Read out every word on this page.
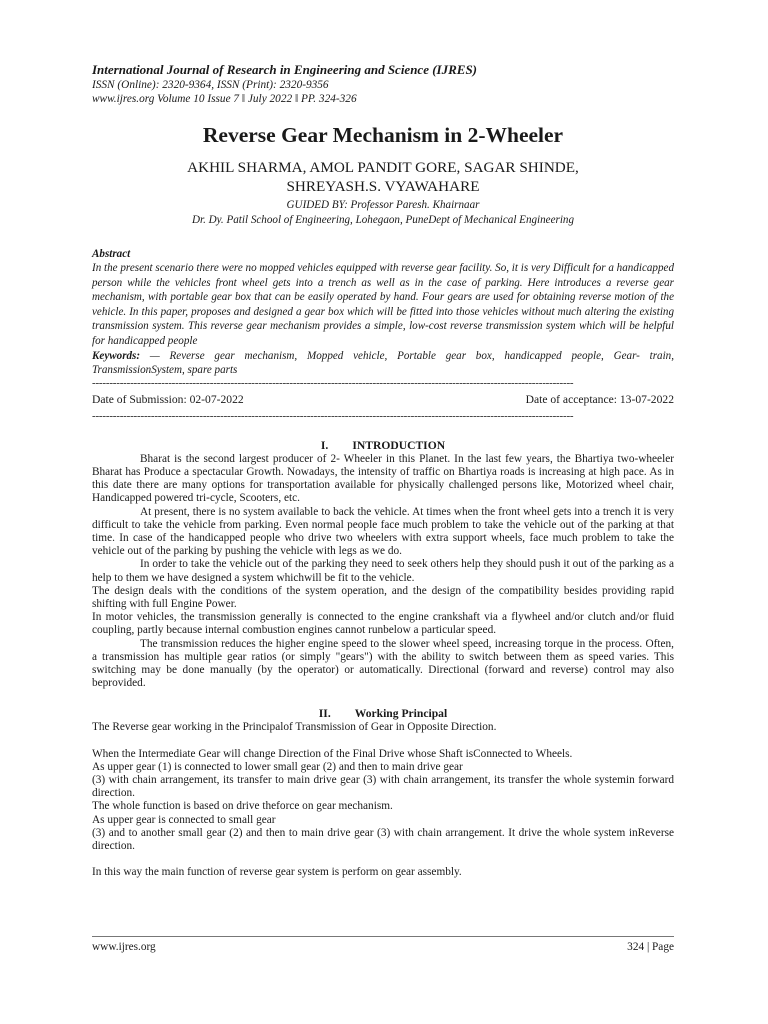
International Journal of Research in Engineering and Science (IJRES)
ISSN (Online): 2320-9364, ISSN (Print): 2320-9356
www.ijres.org Volume 10 Issue 7 ǁ July 2022 ǁ PP. 324-326
Reverse Gear Mechanism in 2-Wheeler
AKHIL SHARMA, AMOL PANDIT GORE, SAGAR SHINDE,
SHREYASH.S. VYAWAHARE
GUIDED BY: Professor Paresh. Khairnaar
Dr. Dy. Patil School of Engineering, Lohegaon, PuneDept of Mechanical Engineering
Abstract
In the present scenario there were no mopped vehicles equipped with reverse gear facility. So, it is very Difficult for a handicapped person while the vehicles front wheel gets into a trench as well as in the case of parking. Here introduces a reverse gear mechanism, with portable gear box that can be easily operated by hand. Four gears are used for obtaining reverse motion of the vehicle. In this paper, proposes and designed a gear box which will be fitted into those vehicles without much altering the existing transmission system. This reverse gear mechanism provides a simple, low-cost reverse transmission system which will be helpful for handicapped people
Keywords: — Reverse gear mechanism, Mopped vehicle, Portable gear box, handicapped people, Gear- train, TransmissionSystem, spare parts
-------------------------------------------------------------------------------------------------------------------------------------------
Date of Submission: 02-07-2022	Date of acceptance: 13-07-2022
-------------------------------------------------------------------------------------------------------------------------------------------
I. INTRODUCTION

Bharat is the second largest producer of 2- Wheeler in this Planet. In the last few years, the Bhartiya two-wheeler Bharat has Produce a spectacular Growth. Nowadays, the intensity of traffic on Bhartiya roads is increasing at high pace. As in this date there are many options for transportation available for physically challenged persons like, Motorized wheel chair, Handicapped powered tri-cycle, Scooters, etc.

At present, there is no system available to back the vehicle. At times when the front wheel gets into a trench it is very difficult to take the vehicle from parking. Even normal people face much problem to take the vehicle out of the parking at that time. In case of the handicapped people who drive two wheelers with extra support wheels, face much problem to take the vehicle out of the parking by pushing the vehicle with legs as we do.

In order to take the vehicle out of the parking they need to seek others help they should push it out of the parking as a help to them we have designed a system whichwill be fit to the vehicle.

The design deals with the conditions of the system operation, and the design of the compatibility besides providing rapid shifting with full Engine Power.

In motor vehicles, the transmission generally is connected to the engine crankshaft via a flywheel and/or clutch and/or fluid coupling, partly because internal combustion engines cannot runbelow a particular speed.

The transmission reduces the higher engine speed to the slower wheel speed, increasing torque in the process. Often, a transmission has multiple gear ratios (or simply "gears") with the ability to switch between them as speed varies. This switching may be done manually (by the operator) or automatically. Directional (forward and reverse) control may also beprovided.

II. Working Principal

The Reverse gear working in the Principalof Transmission of Gear in Opposite Direction.

When the Intermediate Gear will change Direction of the Final Drive whose Shaft isConnected to Wheels.

As upper gear (1) is connected to lower small gear (2) and then to main drive gear

(3) with chain arrangement, its transfer to main drive gear (3) with chain arrangement, its transfer the whole systemin forward direction.

The whole function is based on drive theforce on gear mechanism.

As upper gear is connected to small gear

(3) and to another small gear (2) and then to main drive gear (3) with chain arrangement. It drive the whole system inReverse direction.

In this way the main function of reverse gear system is perform on gear assembly.

www.ijres.org	324 | Page
